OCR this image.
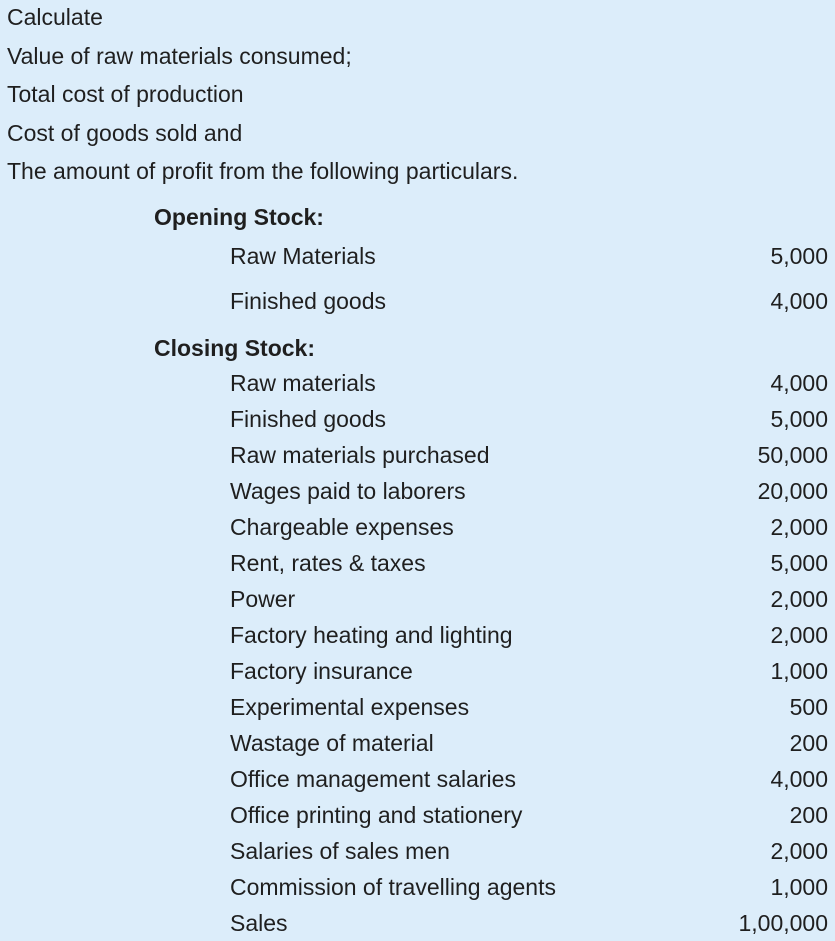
Calculate
Value of raw materials consumed;
Total cost of production
Cost of goods sold and
The amount of profit from the following particulars.
Opening Stock:
Raw Materials	5,000
Finished goods	4,000
Closing Stock:
Raw materials	4,000
Finished goods	5,000
Raw materials purchased	50,000
Wages paid to laborers	20,000
Chargeable expenses	2,000
Rent, rates & taxes	5,000
Power	2,000
Factory heating and lighting	2,000
Factory insurance	1,000
Experimental expenses	500
Wastage of material	200
Office management salaries	4,000
Office printing and stationery	200
Salaries of sales men	2,000
Commission of travelling agents	1,000
Sales	1,00,000
